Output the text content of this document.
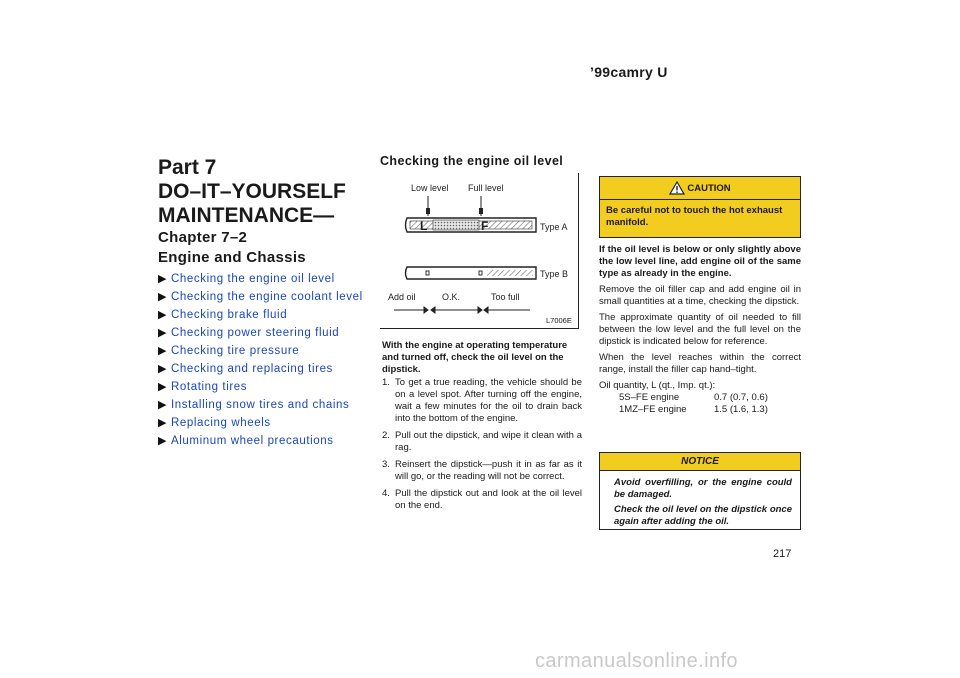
’99camry U
Part 7
DO–IT–YOURSELF
MAINTENANCE—
Chapter 7–2
Engine and Chassis
▶ Checking the engine oil level
▶ Checking the engine coolant level
▶ Checking brake fluid
▶ Checking power steering fluid
▶ Checking tire pressure
▶ Checking and replacing tires
▶ Rotating tires
▶ Installing snow tires and chains
▶ Replacing wheels
▶ Aluminum wheel precautions
Checking the engine oil level
Low level Full level
L	F	Type A
Type B
Add oil	O.K.	Too full
L7006E
With the engine at operating temperature and turned off, check the oil level on the dipstick.
1. To get a true reading, the vehicle should be on a level spot. After turning off the engine, wait a few minutes for the oil to drain back into the bottom of the engine.
2. Pull out the dipstick, and wipe it clean with a rag.
3. Reinsert the dipstick—push it in as far as it will go, or the reading will not be correct.
4. Pull the dipstick out and look at the oil level on the end.
CAUTION
Be careful not to touch the hot exhaust manifold.

If the oil level is below or only slightly above the low level line, add engine oil of the same type as already in the engine.

Remove the oil filler cap and add engine oil in small quantities at a time, checking the dipstick.

The approximate quantity of oil needed to fill between the low level and the full level on the dipstick is indicated below for reference.

When the level reaches within the correct range, install the filler cap hand–tight.

Oil quantity, L (qt., Imp. qt.):

5S–FE engine	0.7 (0.7, 0.6)
1MZ–FE engine	1.5 (1.6, 1.3)
NOTICE

Avoid overfilling, or the engine could be damaged.

Check the oil level on the dipstick once again after adding the oil.

217
carmanualsonline.info
